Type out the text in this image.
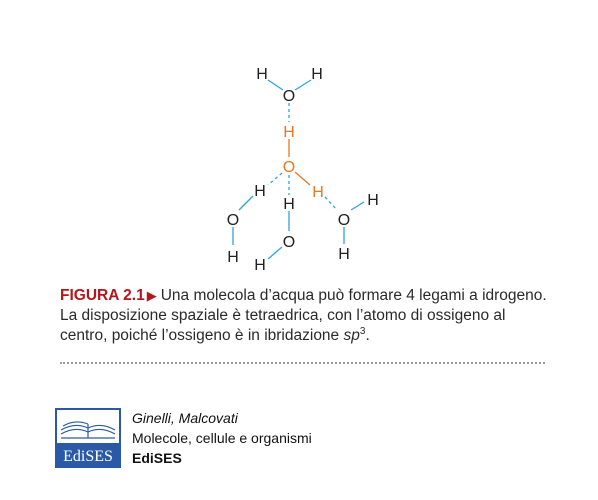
H	H
O
H
O
H
H
H
O
H
O
H
O
H
H
FIGURA 2.1 ▶ Una molecola d’acqua può formare 4 legami a idrogeno. La disposizione spaziale è tetraedrica, con l’atomo di ossigeno al centro, poiché l’ossigeno è in ibridazione $sp^3$.
EdiSES
Ginelli, Malcovati
Molecole, cellule e organismi
EdiSES
